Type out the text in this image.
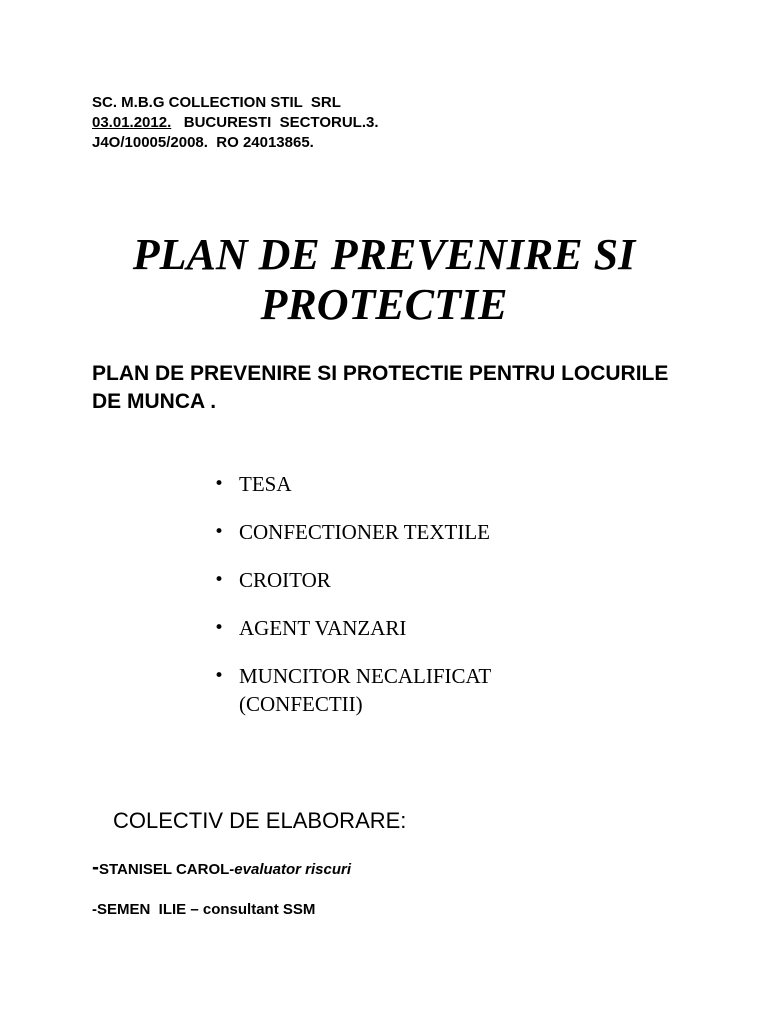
SC. M.B.G COLLECTION STIL  SRL
03.01.2012.   BUCURESTI  SECTORUL.3.
J4O/10005/2008.  RO 24013865.
PLAN DE PREVENIRE SI
PROTECTIE
PLAN DE PREVENIRE SI PROTECTIE PENTRU LOCURILE DE MUNCA .
• TESA
• CONFECTIONER TEXTILE
• CROITOR
• AGENT VANZARI
• MUNCITOR NECALIFICAT (CONFECTII)
COLECTIV DE ELABORARE:
-STANISEL CAROL-evaluator riscuri
-SEMEN  ILIE – consultant SSM
